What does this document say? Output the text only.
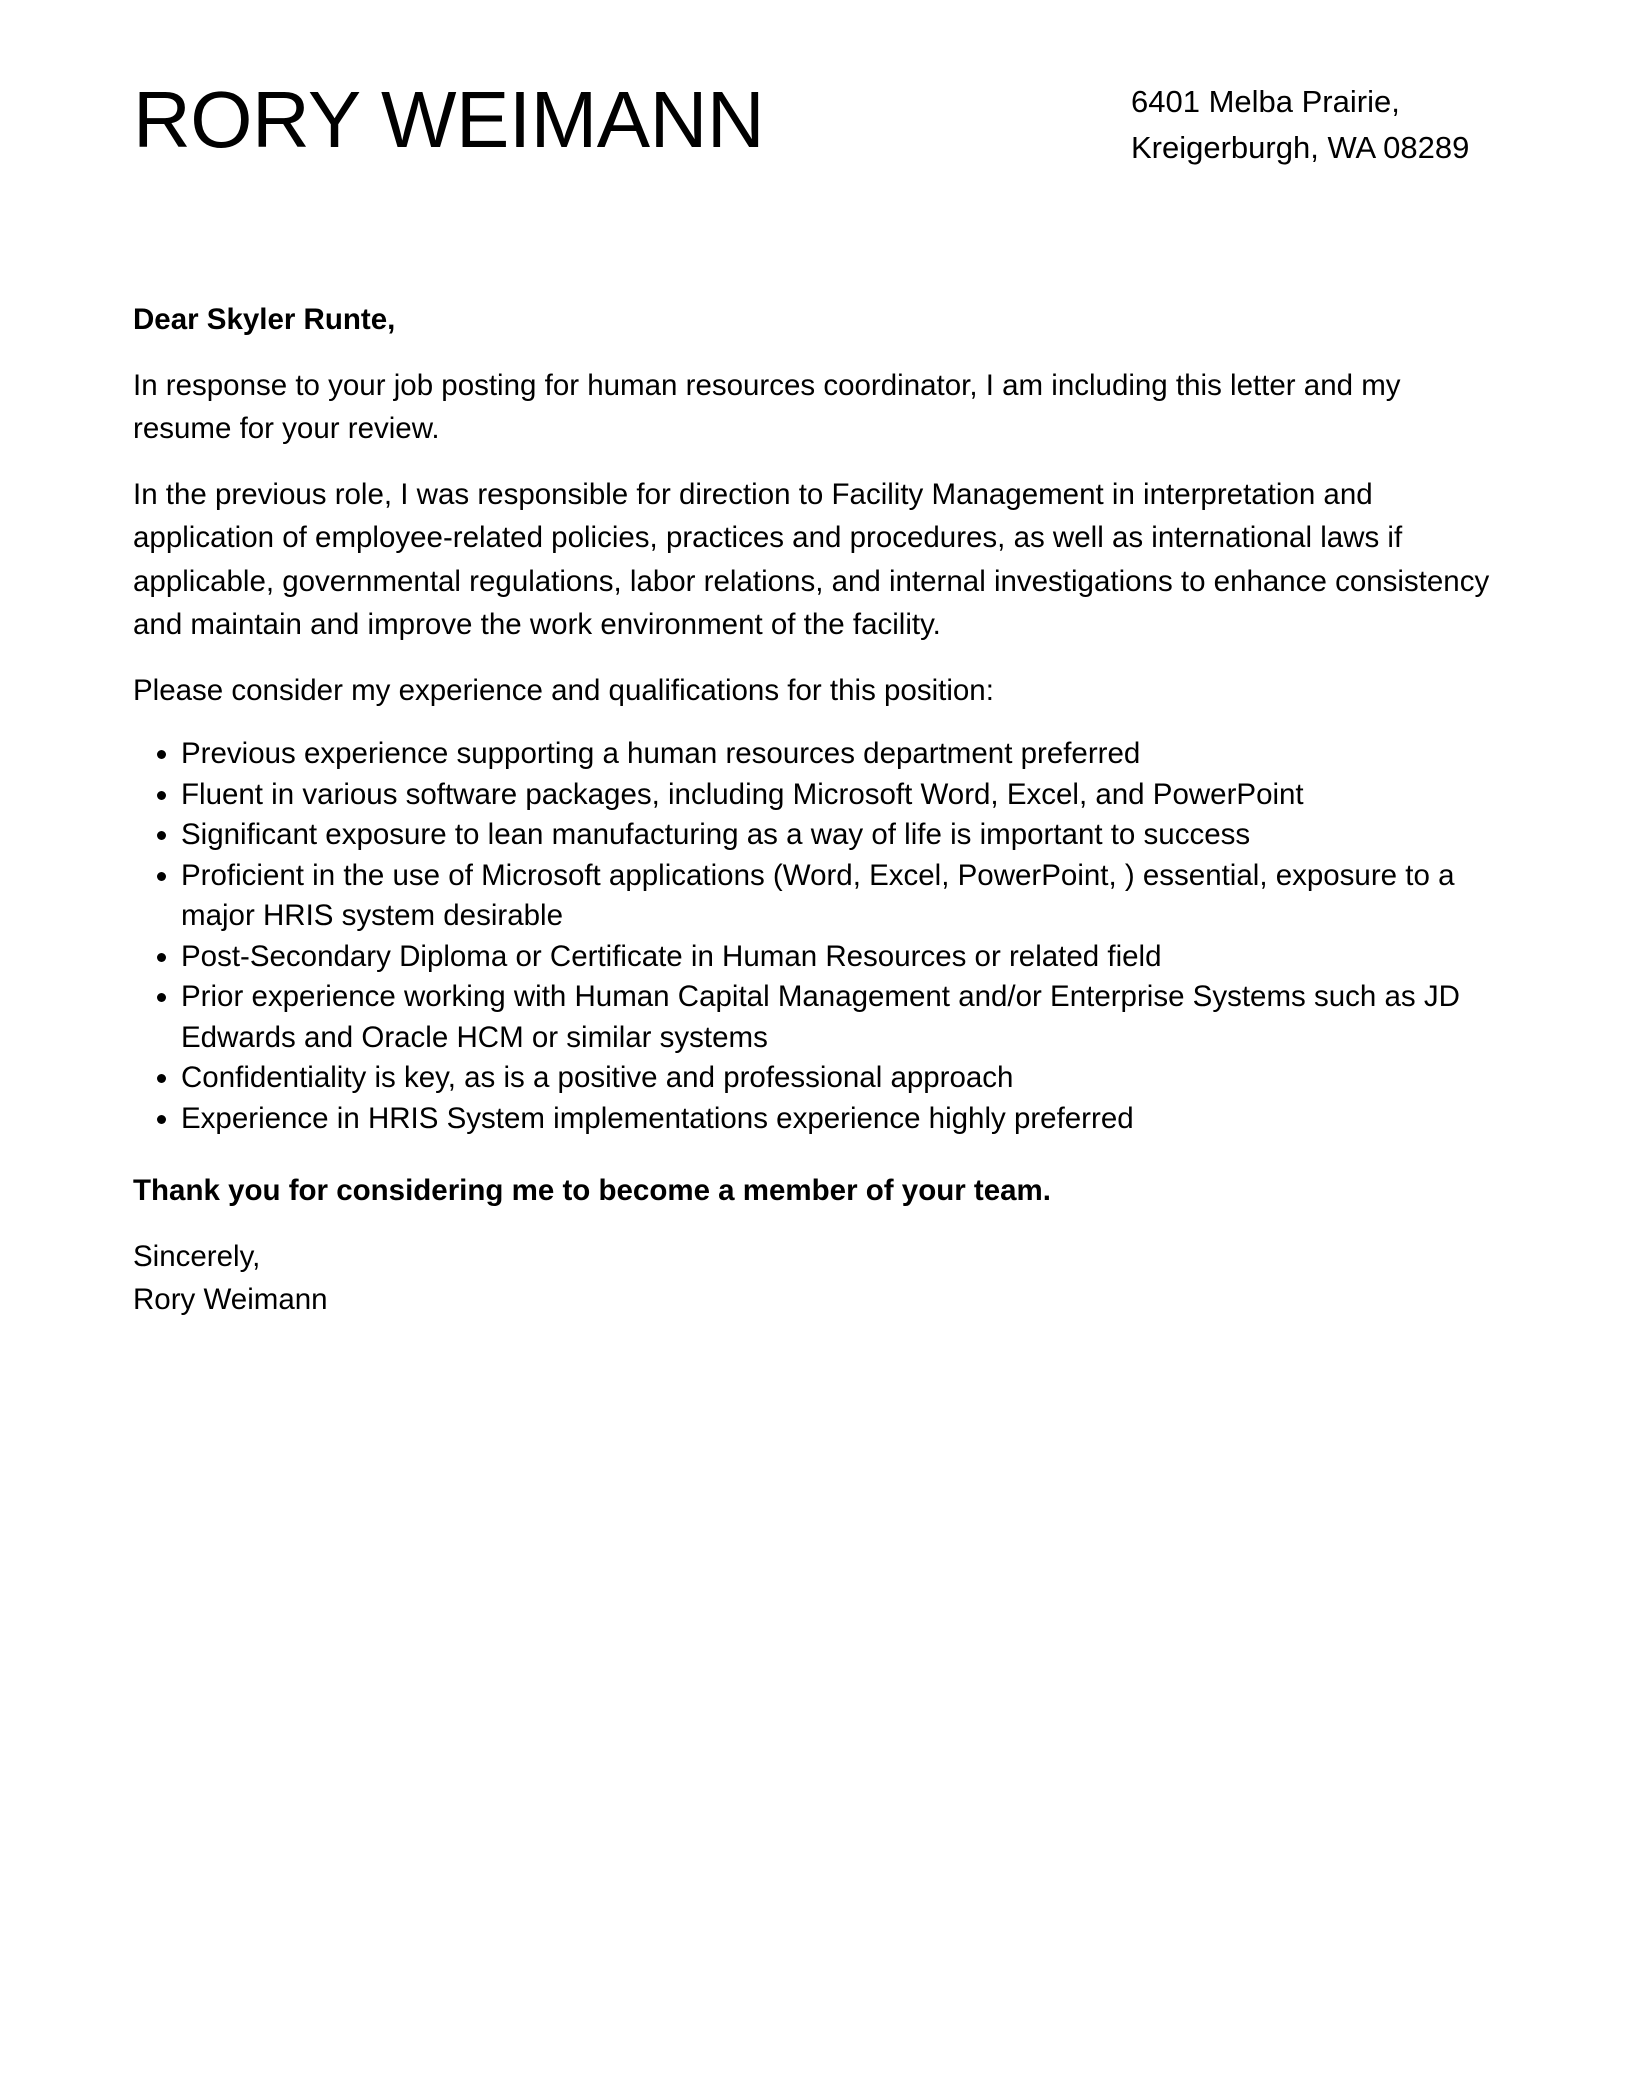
RORY WEIMANN	6401 Melba Prairie,
Kreigerburgh, WA 08289

Dear Skyler Runte,

In response to your job posting for human resources coordinator, I am including this letter and my resume for your review.

In the previous role, I was responsible for direction to Facility Management in interpretation and application of employee-related policies, practices and procedures, as well as international laws if applicable, governmental regulations, labor relations, and internal investigations to enhance consistency and maintain and improve the work environment of the facility.

Please consider my experience and qualifications for this position:

• Previous experience supporting a human resources department preferred
• Fluent in various software packages, including Microsoft Word, Excel, and PowerPoint
• Significant exposure to lean manufacturing as a way of life is important to success
• Proficient in the use of Microsoft applications (Word, Excel, PowerPoint, ) essential, exposure to a major HRIS system desirable
• Post-Secondary Diploma or Certificate in Human Resources or related field
• Prior experience working with Human Capital Management and/or Enterprise Systems such as JD Edwards and Oracle HCM or similar systems
• Confidentiality is key, as is a positive and professional approach
• Experience in HRIS System implementations experience highly preferred

Thank you for considering me to become a member of your team.

Sincerely,
Rory Weimann
